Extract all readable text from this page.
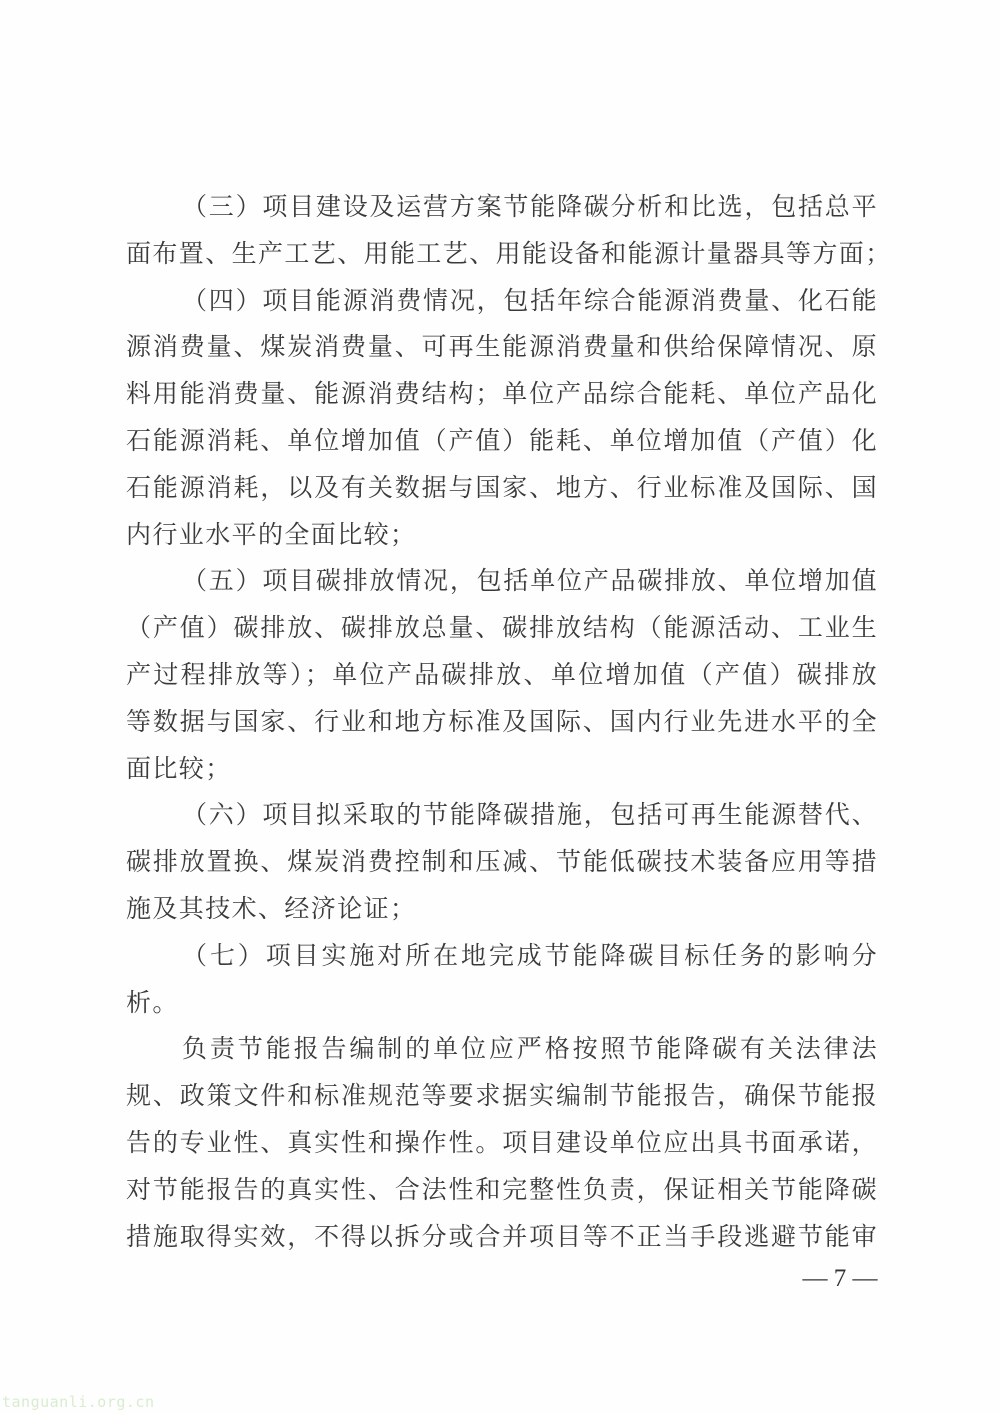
（三）项目建设及运营方案节能降碳分析和比选，包括总平
面布置、生产工艺、用能工艺、用能设备和能源计量器具等方面；
（四）项目能源消费情况，包括年综合能源消费量、化石能
源消费量、煤炭消费量、可再生能源消费量和供给保障情况、原
料用能消费量、能源消费结构；单位产品综合能耗、单位产品化
石能源消耗、单位增加值（产值）能耗、单位增加值（产值）化
石能源消耗，以及有关数据与国家、地方、行业标准及国际、国
内行业水平的全面比较；
（五）项目碳排放情况，包括单位产品碳排放、单位增加值
（产值）碳排放、碳排放总量、碳排放结构（能源活动、工业生
产过程排放等）；单位产品碳排放、单位增加值（产值）碳排放
等数据与国家、行业和地方标准及国际、国内行业先进水平的全
面比较；
（六）项目拟采取的节能降碳措施，包括可再生能源替代、
碳排放置换、煤炭消费控制和压减、节能低碳技术装备应用等措
施及其技术、经济论证；
（七）项目实施对所在地完成节能降碳目标任务的影响分
析。
负责节能报告编制的单位应严格按照节能降碳有关法律法
规、政策文件和标准规范等要求据实编制节能报告，确保节能报
告的专业性、真实性和操作性。项目建设单位应出具书面承诺，
对节能报告的真实性、合法性和完整性负责，保证相关节能降碳
措施取得实效，不得以拆分或合并项目等不正当手段逃避节能审
— 7 —
tanguanli.org.cn
